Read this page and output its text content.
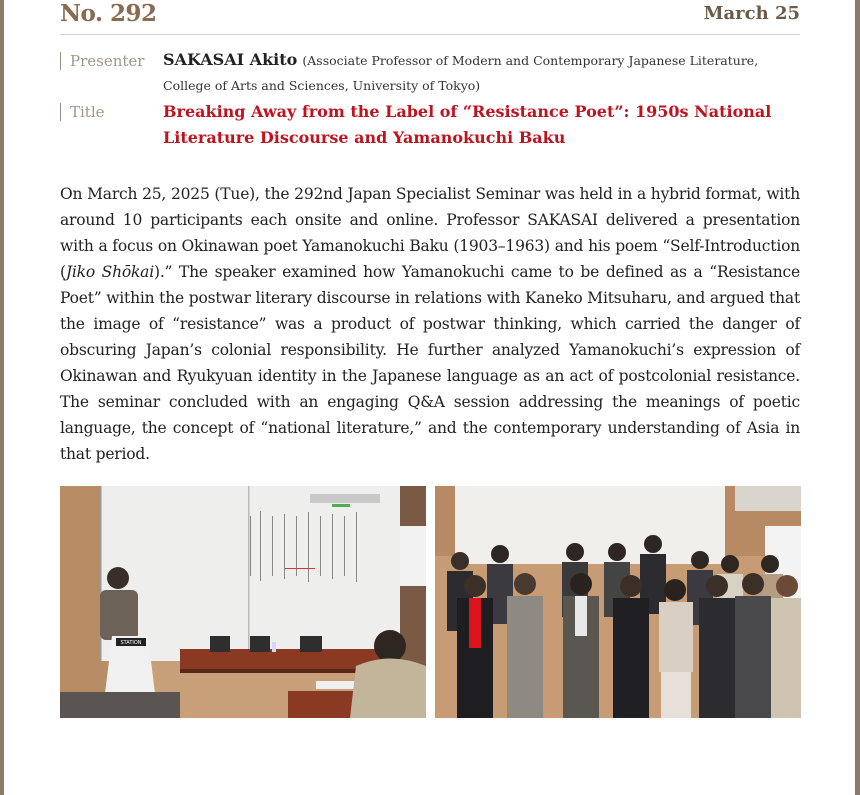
No. 292	March 25
Presenter	SAKASAI Akito (Associate Professor of Modern and Contemporary Japanese Literature, College of Arts and Sciences, University of Tokyo)
Title	Breaking Away from the Label of “Resistance Poet”: 1950s National Literature Discourse and Yamanokuchi Baku
On March 25, 2025 (Tue), the 292nd Japan Specialist Seminar was held in a hybrid format, with around 10 participants each onsite and online. Professor SAKASAI delivered a presentation with a focus on Okinawan poet Yamanokuchi Baku (1903–1963) and his poem “Self-Introduction (Jiko Shōkai).” The speaker examined how Yamanokuchi came to be defined as a “Resistance Poet” within the postwar literary discourse in relations with Kaneko Mitsuharu, and argued that the image of “resistance” was a product of postwar thinking, which carried the danger of obscuring Japan’s colonial responsibility. He further analyzed Yamanokuchi’s expression of Okinawan and Ryukyuan identity in the Japanese language as an act of postcolonial resistance. The seminar concluded with an engaging Q&A session addressing the meanings of poetic language, the concept of “national literature,” and the contemporary understanding of Asia in that period.
STATION
